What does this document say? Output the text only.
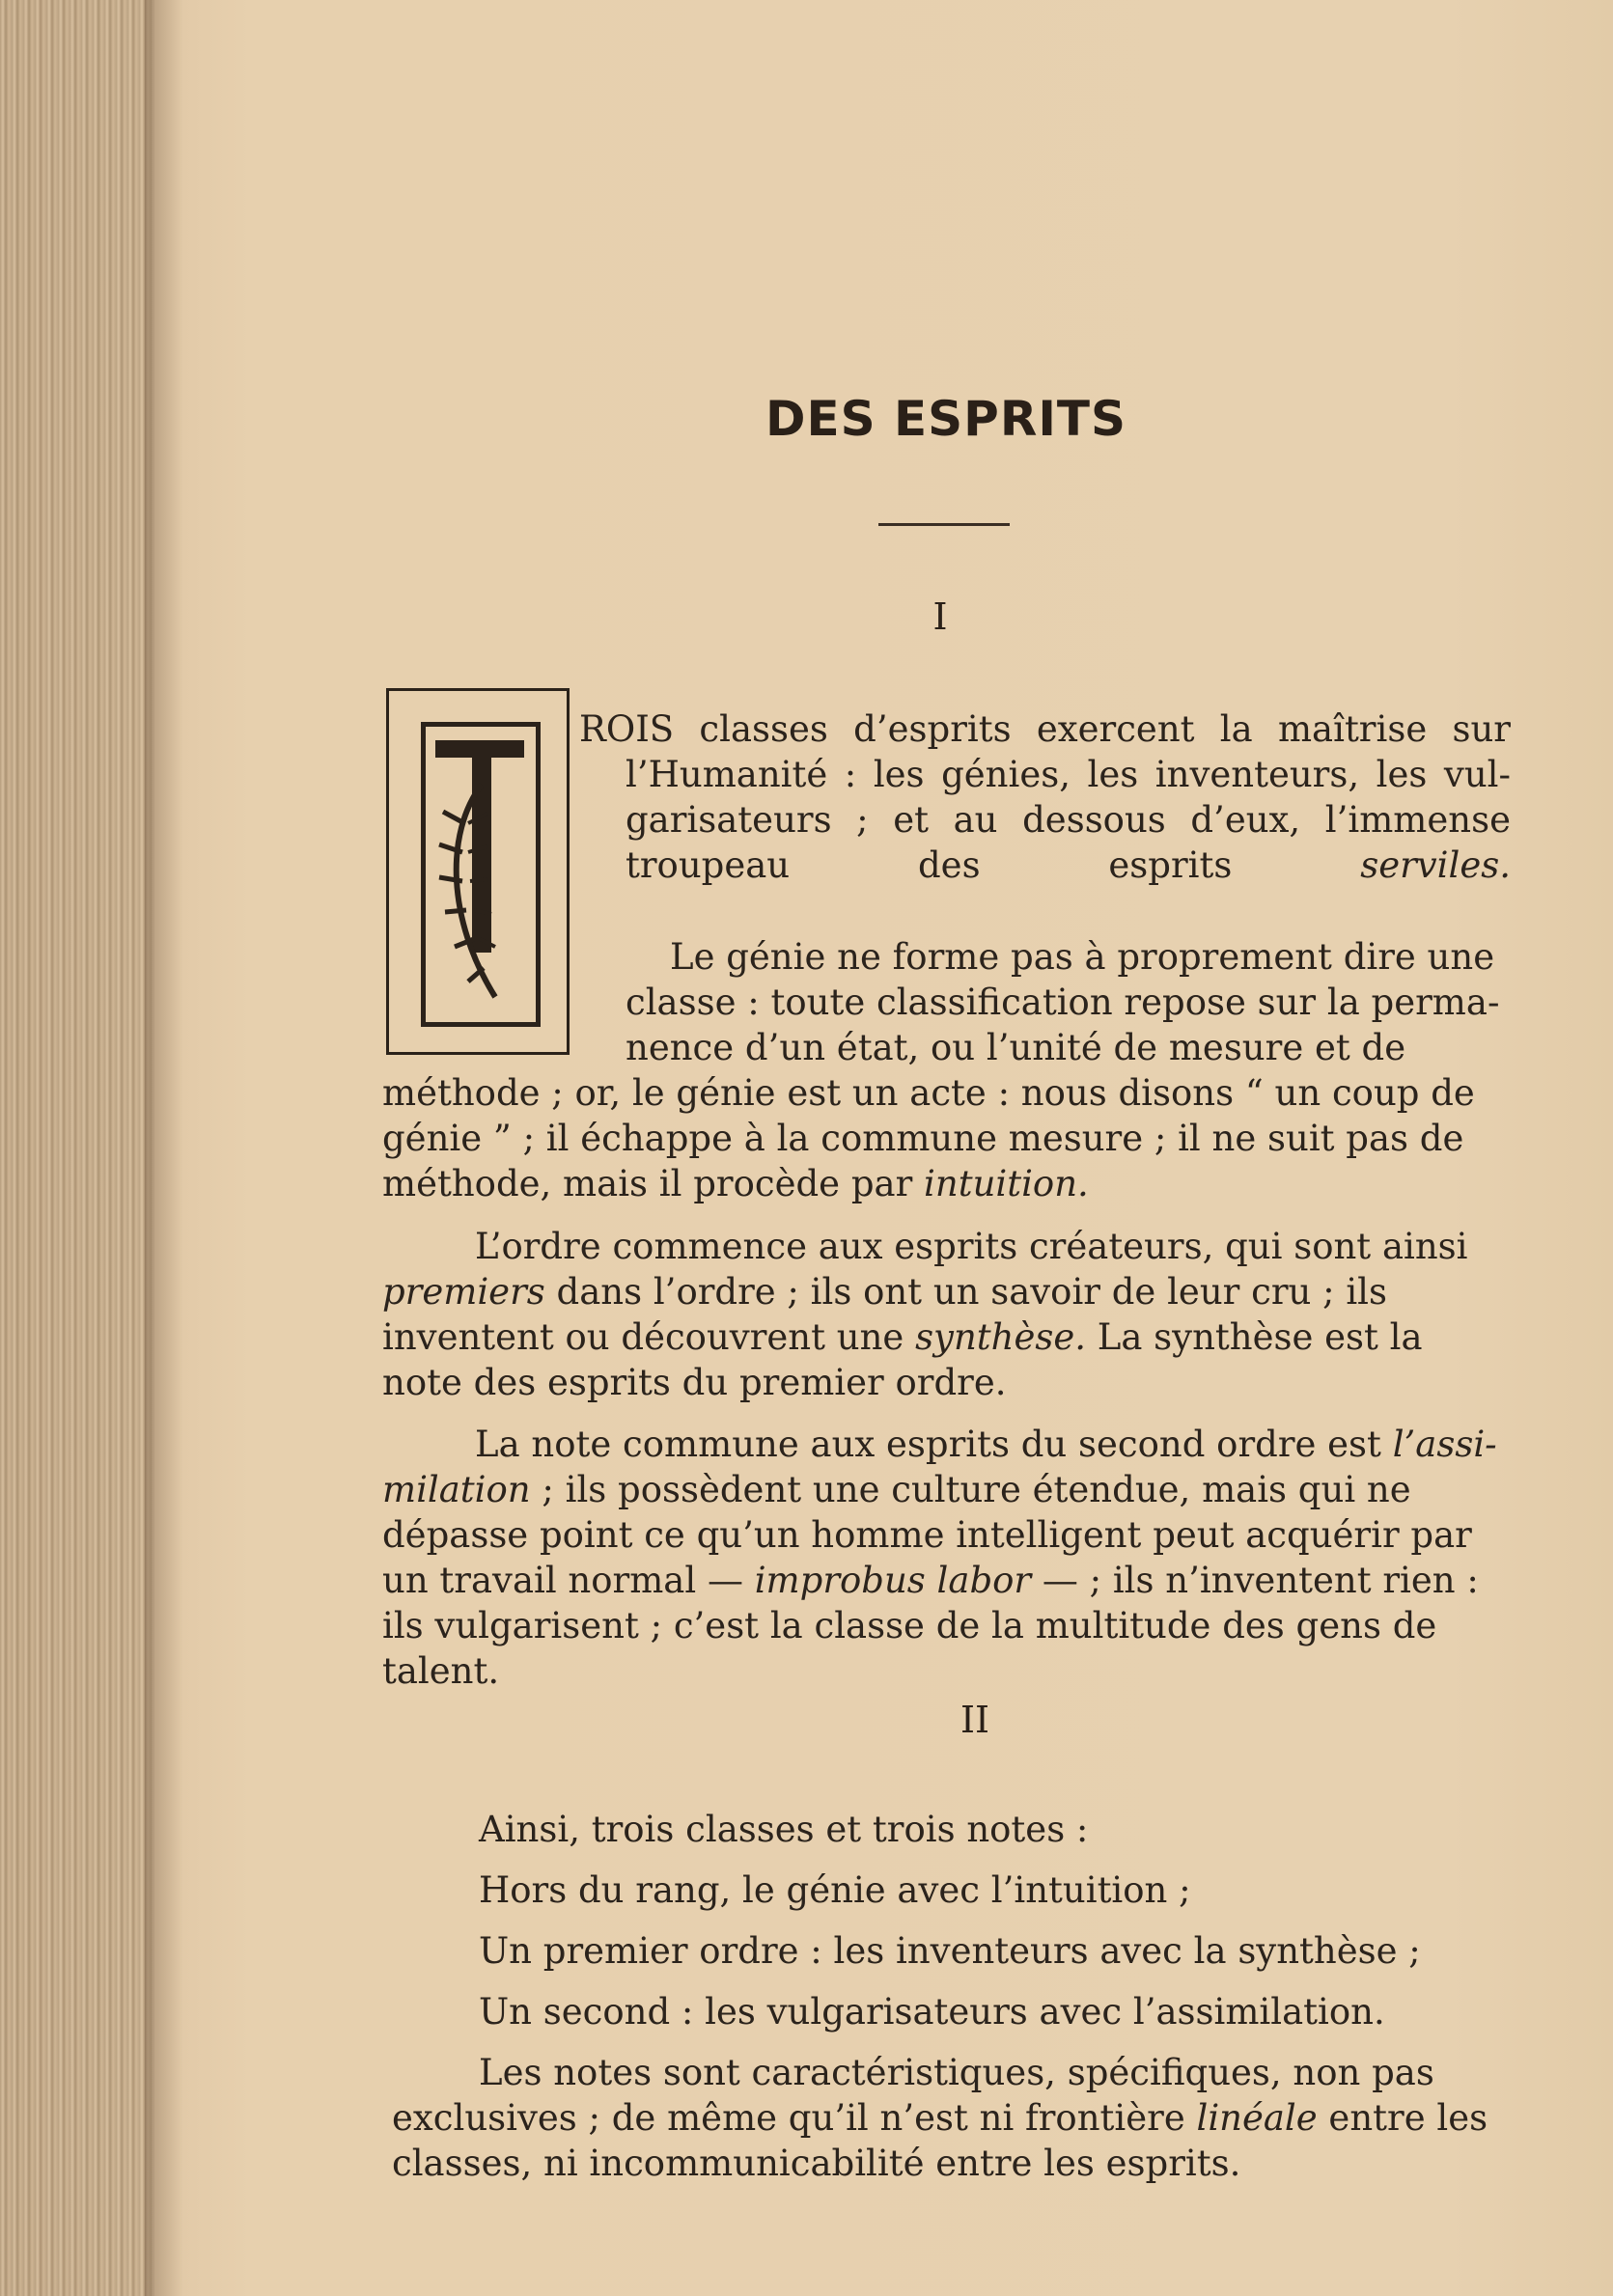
DES ESPRITS
I
T	ROIS classes d’esprits exercent la maîtrise sur
l’Humanité : les génies, les inventeurs, les vul-
garisateurs ; et au dessous d’eux, l’immense
troupeau des esprits serviles.
Le génie ne forme pas à proprement dire une
classe : toute classification repose sur la perma-
nence d’un état, ou l’unité de mesure et de
méthode ; or, le génie est un acte : nous disons “ un coup de
génie ” ; il échappe à la commune mesure ; il ne suit pas de
méthode, mais il procède par intuition.
L’ordre commence aux esprits créateurs, qui sont ainsi
premiers dans l’ordre ; ils ont un savoir de leur cru ; ils
inventent ou découvrent une synthèse. La synthèse est la
note des esprits du premier ordre.
La note commune aux esprits du second ordre est l’assi-
milation ; ils possèdent une culture étendue, mais qui ne
dépasse point ce qu’un homme intelligent peut acquérir par
un travail normal — improbus labor — ; ils n’inventent rien :
ils vulgarisent ; c’est la classe de la multitude des gens de
talent.
II
Ainsi, trois classes et trois notes :
Hors du rang, le génie avec l’intuition ;
Un premier ordre : les inventeurs avec la synthèse ;
Un second : les vulgarisateurs avec l’assimilation.
Les notes sont caractéristiques, spécifiques, non pas
exclusives ; de même qu’il n’est ni frontière linéale entre les
classes, ni incommunicabilité entre les esprits.
